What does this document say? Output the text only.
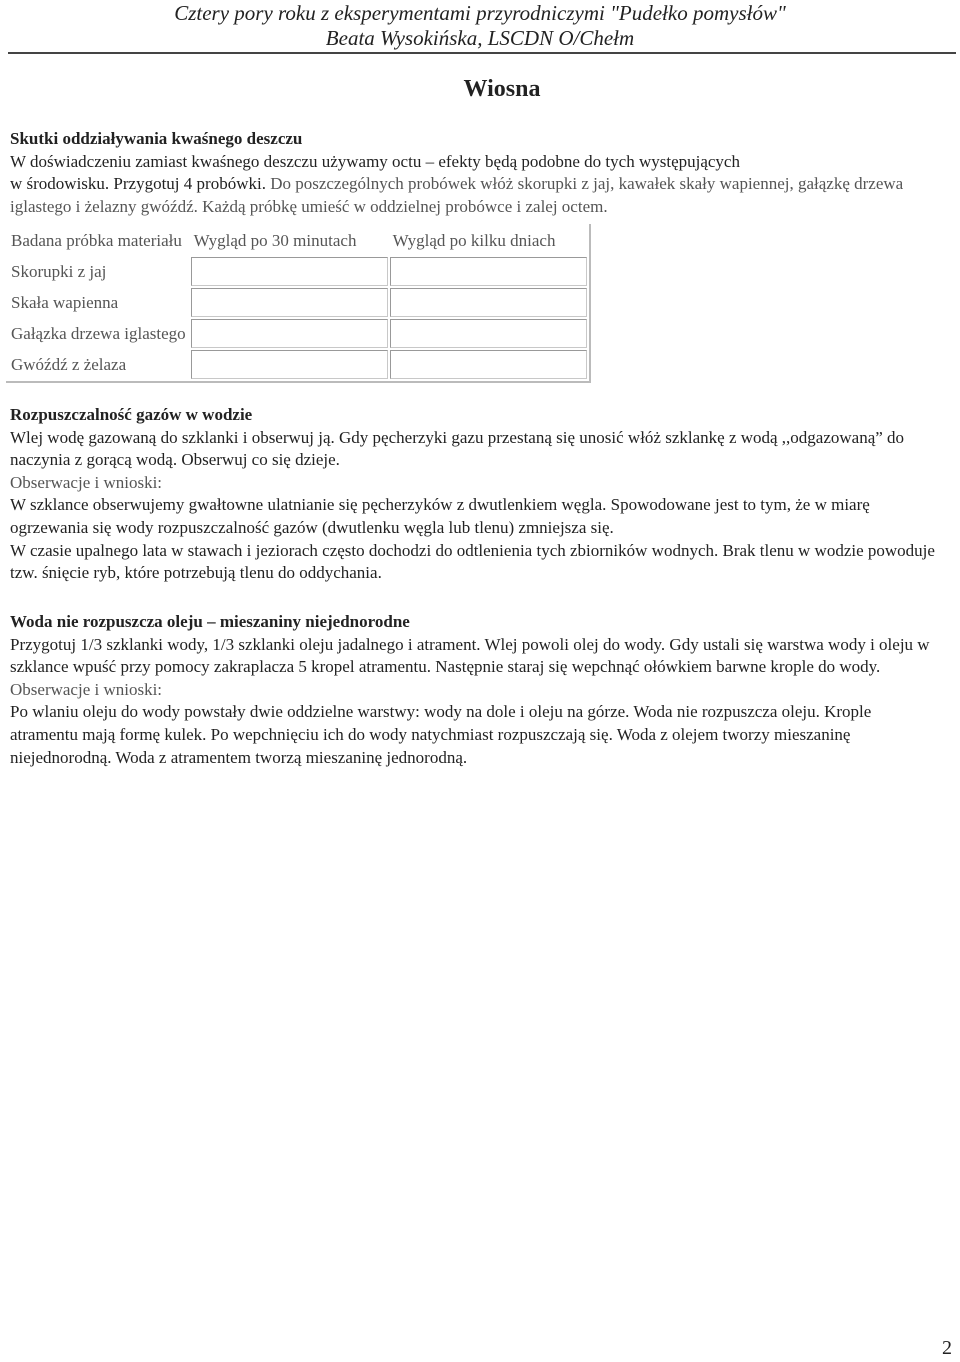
Cztery pory roku z eksperymentami przyrodniczymi "Pudełko pomysłów"
Beata Wysokińska, LSCDN O/Chełm
Wiosna

Skutki oddziaływania kwaśnego deszczu

W doświadczeniu zamiast kwaśnego deszczu używamy octu – efekty będą podobne do tych występujących

w środowisku. Przygotuj 4 probówki. Do poszczególnych probówek włóż skorupki z jaj, kawałek skały wapiennej, gałązkę drzewa iglastego i żelazny gwóźdź. Każdą próbkę umieść w oddzielnej probówce i zalej octem.

Badana próbka materiału	Wygląd po 30 minutach	Wygląd po kilku dniach
Skorupki z jaj		
Skała wapienna		
Gałązka drzewa iglastego		
Gwóźdź z żelaza		

Rozpuszczalność gazów w wodzie

Wlej wodę gazowaną do szklanki i obserwuj ją. Gdy pęcherzyki gazu przestaną się unosić włóż szklankę z wodą ,,odgazowaną” do naczynia z gorącą wodą. Obserwuj co się dzieje.

Obserwacje i wnioski:

W szklance obserwujemy gwałtowne ulatnianie się pęcherzyków z dwutlenkiem węgla. Spowodowane jest to tym, że w miarę ogrzewania się wody rozpuszczalność gazów (dwutlenku węgla lub tlenu) zmniejsza się.

W czasie upalnego lata w stawach i jeziorach często dochodzi do odtlenienia tych zbiorników wodnych. Brak tlenu w wodzie powoduje tzw. śnięcie ryb, które potrzebują tlenu do oddychania.

Woda nie rozpuszcza oleju – mieszaniny niejednorodne

Przygotuj 1/3 szklanki wody, 1/3 szklanki oleju jadalnego i atrament. Wlej powoli olej do wody. Gdy ustali się warstwa wody i oleju w szklance wpuść przy pomocy zakraplacza 5 kropel atramentu. Następnie staraj się wepchnąć ołówkiem barwne krople do wody.

Obserwacje i wnioski:

Po wlaniu oleju do wody powstały dwie oddzielne warstwy: wody na dole i oleju na górze. Woda nie rozpuszcza oleju. Krople atramentu mają formę kulek. Po wepchnięciu ich do wody natychmiast rozpuszczają się. Woda z olejem tworzy mieszaninę niejednorodną. Woda z atramentem tworzą mieszaninę jednorodną.

2
